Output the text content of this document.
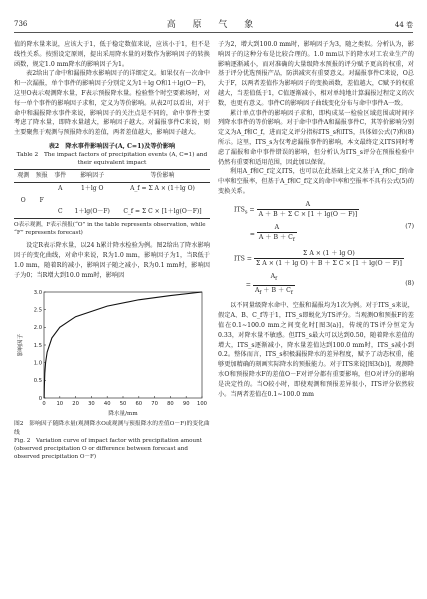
736	高 原 气 象	44 卷

值的降水量来说，应该大于1，低于稳定数值来说，应该小于1，但不是线性关系。按照设定原则，提出采用降水量的对数作为影响因子的转换函数，规定1.0 mm降水的影响因子为1。

表2给出了命中和漏报降水影响因子的详细定义。如果仅有一次命中和一次漏报，单个事件的影响因子分别定义为1＋lg O和1＋lg(O－F)，这里O表示观测降水量，F表示预报降水量。检验整个时空要素场时，对每一单个事件的影响因子求和，定义为等价影响。从表2可以看出，对于命中和漏报降水事件来说，影响因子的关注点是不同的，命中事件主要考虑了降水量，即降水量越大，影响因子越大。对漏报事件C来说，则主要聚焦于观测与预报降水的差值，两者差值越大，影响因子越大。

表2　降水事件影响因子(A, C=1)及等价影响
Table 2　The impact factors of precipitation events (A, C=1) and their equivalent impact
观测	预报	事件	影响因子	等价影响
		A	1＋lg O	A_f = Σ A × (1＋lg O)
O	F			
		C	1＋lg(O－F)	C_f = Σ C × [1＋lg(O－F)]
O表示观测，F表示预报(“O” in the table represents observation, while “F” represents forecast)

设定R表示降水量，以24 h累计降水检验为例。图2给出了降水影响因子的变化曲线，对命中来说，R为1.0 mm，影响因子为1，当R低于1.0 mm，随着R的减小，影响因子随之减小，R为0.1 mm时，影响因子为0；当R增大到10.0 mm时，影响因

0 10 20 30 40 50 60 70 80 90 100
0
0.5
1.0
1.5
2.0
2.5
3.0
降水量/mm
影响因子
图2　影响因子随降水量(观测降水O或观测与预报降水的差值O－F)的变化曲线
Fig. 2　Variation curve of impact factor with precipitation amount (observed precipitation O or difference between forecast and observed precipitation O－F)

子为2，增大到100.0 mm时，影响因子为3，随之类似。分析认为，影响因子的这种分布是比较合理的。1.0 mm以下的降水对工农业生产的影响逐渐减小，而对准确的大量级降水预报的评分赋予更高的权重，对基于评分优选预报产品，防洪减灾有重要意义。对漏报事件C来说，O总大于F，以两者差值作为影响因子的变换函数，差值越大，C赋予的权重越大，当差值低于1，C值逐渐减小，相对单纯地计算漏报过程定义的次数，也更有意义。事件C的影响因子曲线变化分布与命中事件A一致。

累计单点事件的影响因子求和，即构成某一检验区域范围或时间序列降水事件的等价影响。对于命中事件A和漏报事件C，其等价影响分别定义为A_f和C_f，进而定义评分指标ITS_s和ITS，具体如公式(7)和(8)所示。这里，ITS_s为仅考虑漏报事件的影响，本文最终定义ITS同时考虑了漏报和命中事件错误的影响，但分析认为ITS_s评分在预报检验中仍然有重要和适用范围，因此加以保留。

利用A_f和C_f定义ITS，也可以在此基础上定义基于A_f和C_f的命中率和空报率，但基于A_f和C_f定义的命中率和空报率不具有公式(5)的变换关系。

$ITS_s = \frac{A}{\text{A ＋ B ＋ Σ C × [1 ＋ lg(O － F)]}}$
= $\frac{A}{A + B + C_f}$	(7)
ITS = $\frac{\text{Σ A × (1 ＋ lg O)}}{\text{Σ A × (1 ＋ lg O) ＋ B ＋ Σ C × [1 ＋ lg(O － F)]}}$
= $\frac{A_f}{A_f + B + C_f}$	(8)

以不同量级降水命中、空报和漏报均为1次为例。对于ITS_s来说，假定A、B、C_f等于1，ITS_s即蜕化为TS评分。当观测O和预报F的差值在0.1~100.0 mm之间变化时[图3(a)]，传统的TS评分恒定为0.33，对降水量不敏感。但ITS_s最大可以达到0.50，随着降水差值的增大，ITS_s逐渐减小，降水量差值达到100.0 mm时，ITS_s减小到0.2。整体而言，ITS_s积极漏报降水的差异程度，赋予了动态权重，能够更加精确的刻画实际降水的预报能力。对于ITS来说[图3(b)]，观测降水O和预报降水F的差值O－F对评分都有重要影响，但O对评分的影响是决定性的。当O较小时，即使观测和预报差异很小，ITS评分依然较小。当两者差值在0.1~100.0 mm
